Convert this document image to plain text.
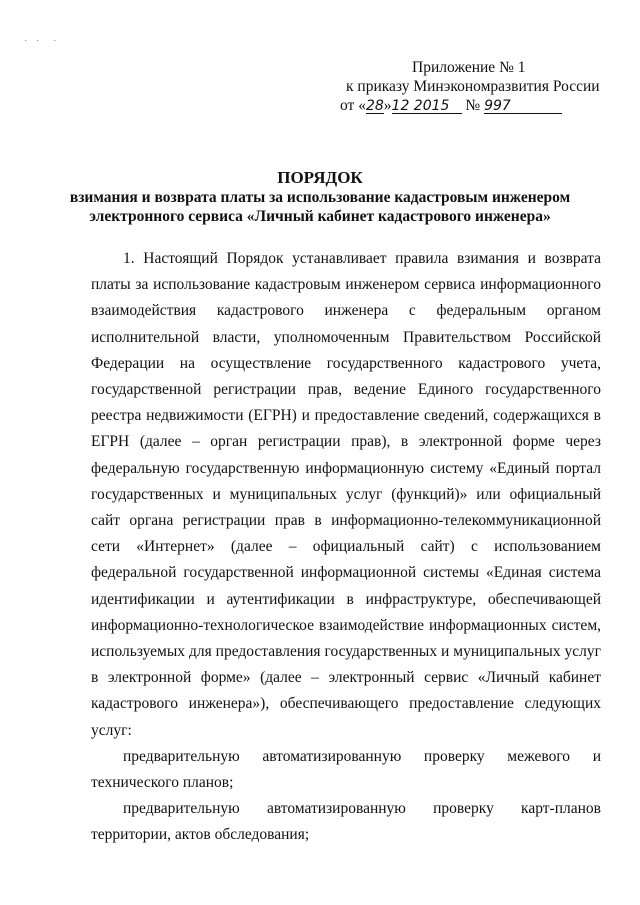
· ·  ·
Приложение № 1
к приказу Минэкономразвития России
от «28»12 2015 № 997
ПОРЯДОК
взимания и возврата платы за использование кадастровым инженером
электронного сервиса «Личный кабинет кадастрового инженера»

1. Настоящий Порядок устанавливает правила взимания и возврата платы за использование кадастровым инженером сервиса информационного взаимодействия кадастрового инженера с федеральным органом исполнительной власти, уполномоченным Правительством Российской Федерации на осуществление государственного кадастрового учета, государственной регистрации прав, ведение Единого государственного реестра недвижимости (ЕГРН) и предоставление сведений, содержащихся в ЕГРН (далее – орган регистрации прав), в электронной форме через федеральную государственную информационную систему «Единый портал государственных и муниципальных услуг (функций)» или официальный сайт органа регистрации прав в информационно-телекоммуникационной сети «Интернет» (далее – официальный сайт) с использованием федеральной государственной информационной системы «Единая система идентификации и аутентификации в инфраструктуре, обеспечивающей информационно-технологическое взаимодействие информационных систем, используемых для предоставления государственных и муниципальных услуг в электронной форме» (далее – электронный сервис «Личный кабинет кадастрового инженера»), обеспечивающего предоставление следующих услуг:

предварительную автоматизированную проверку межевого и технического планов;

предварительную автоматизированную проверку карт-планов территории, актов обследования;
